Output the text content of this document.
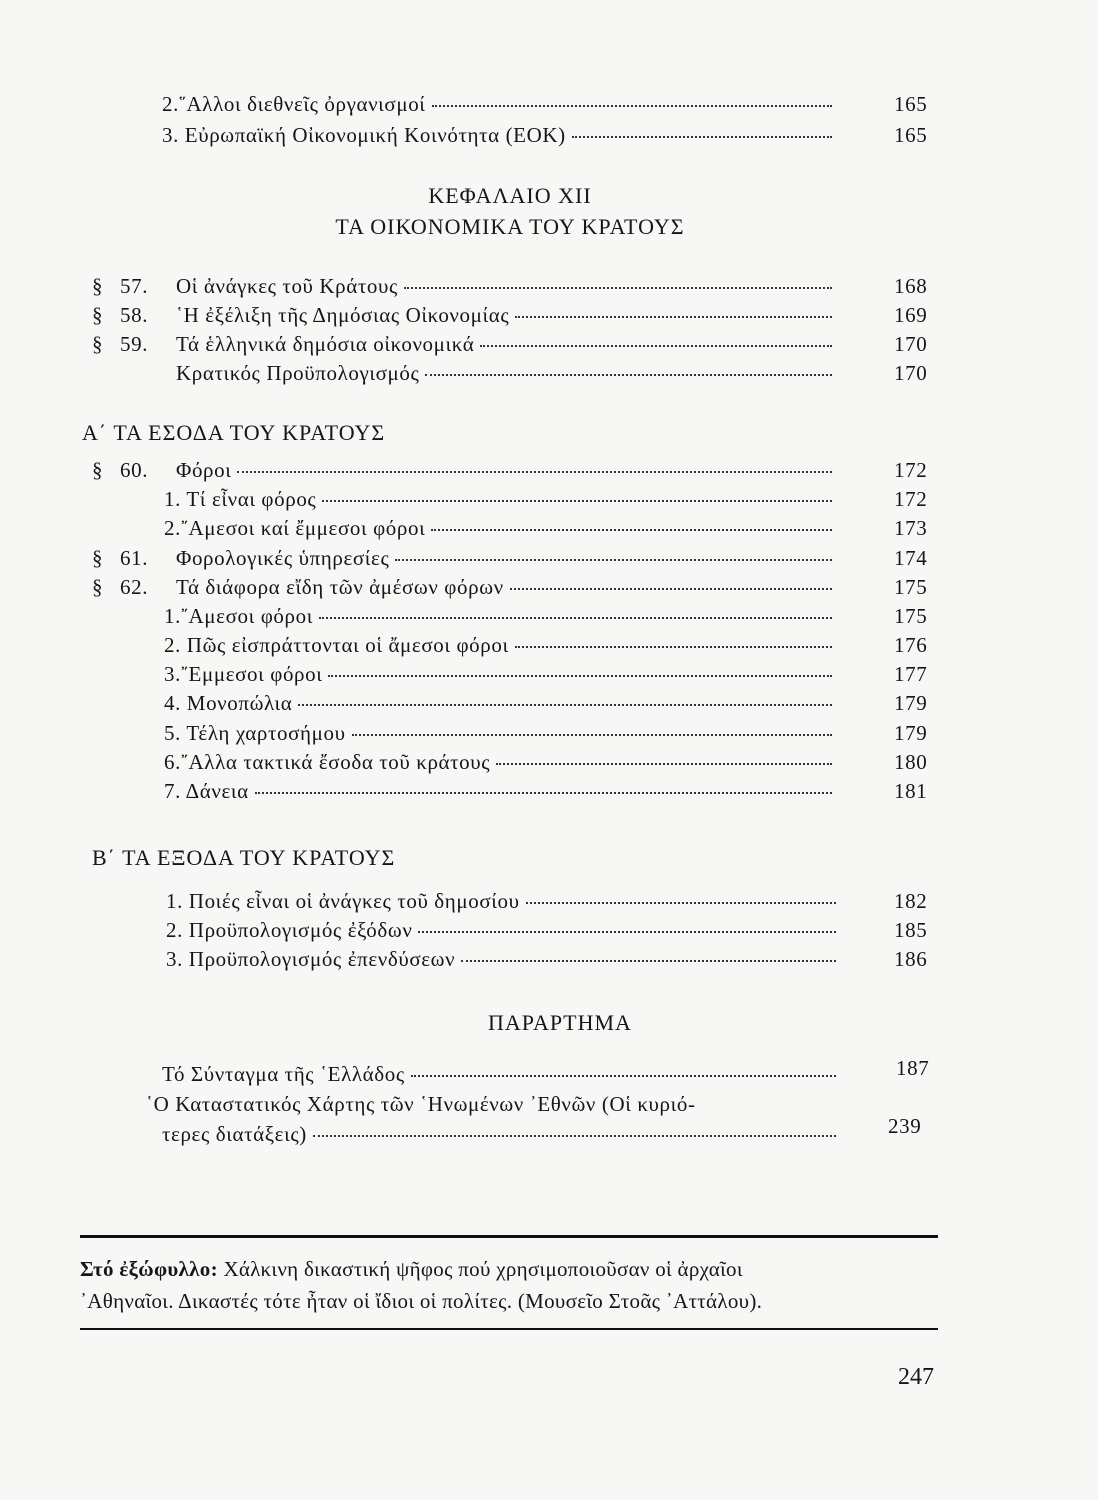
2.῞Αλλοι διεθνεῖς ὀργανισμοί	165
3. Εὐρωπαϊκή Οἰκονομική Κοινότητα (ΕΟΚ)	165
ΚΕΦΑΛΑΙΟ XII
ΤΑ ΟΙΚΟΝΟΜΙΚΑ ΤΟΥ ΚΡΑΤΟΥΣ
§ 57. Οἱ ἀνάγκες τοῦ Κράτους	168
§ 58. ῾Η ἐξέλιξη τῆς Δημόσιας Οἰκονομίας	169
§ 59. Τά ἑλληνικά δημόσια οἰκονομικά	170
Κρατικός Προϋπολογισμός	170
Α΄ ΤΑ ΕΣΟΔΑ ΤΟΥ ΚΡΑΤΟΥΣ
§ 60. Φόροι	172
1. Τί εἶναι φόρος	172
2.῎Αμεσοι καί ἔμμεσοι φόροι	173
§ 61. Φορολογικές ὑπηρεσίες	174
§ 62. Τά διάφορα εἴδη τῶν ἀμέσων φόρων	175
1.῎Αμεσοι φόροι	175
2. Πῶς εἰσπράττονται οἱ ἄμεσοι φόροι	176
3.῎Εμμεσοι φόροι	177
4. Μονοπώλια	179
5. Τέλη χαρτοσήμου	179
6.῎Αλλα τακτικά ἔσοδα τοῦ κράτους	180
7. Δάνεια	181
Β΄ ΤΑ ΕΞΟΔΑ ΤΟΥ ΚΡΑΤΟΥΣ
1. Ποιές εἶναι οἱ ἀνάγκες τοῦ δημοσίου	182
2. Προϋπολογισμός ἐξόδων	185
3. Προϋπολογισμός ἐπενδύσεων	186
ΠΑΡΑΡΤΗΜΑ
Τό Σύνταγμα τῆς ῾Ελλάδος	187
῾Ο Καταστατικός Χάρτης τῶν ῾Ηνωμένων ᾿Εθνῶν (Οἱ κυριό-
τερες διατάξεις)	239
Στό ἐξώφυλλο: Χάλκινη δικαστική ψῆφος πού χρησιμοποιοῦσαν οἱ ἀρχαῖοι
᾿Αθηναῖοι. Δικαστές τότε ἦταν οἱ ἴδιοι οἱ πολίτες. (Μουσεῖο Στοᾶς ᾿Αττάλου).
247
